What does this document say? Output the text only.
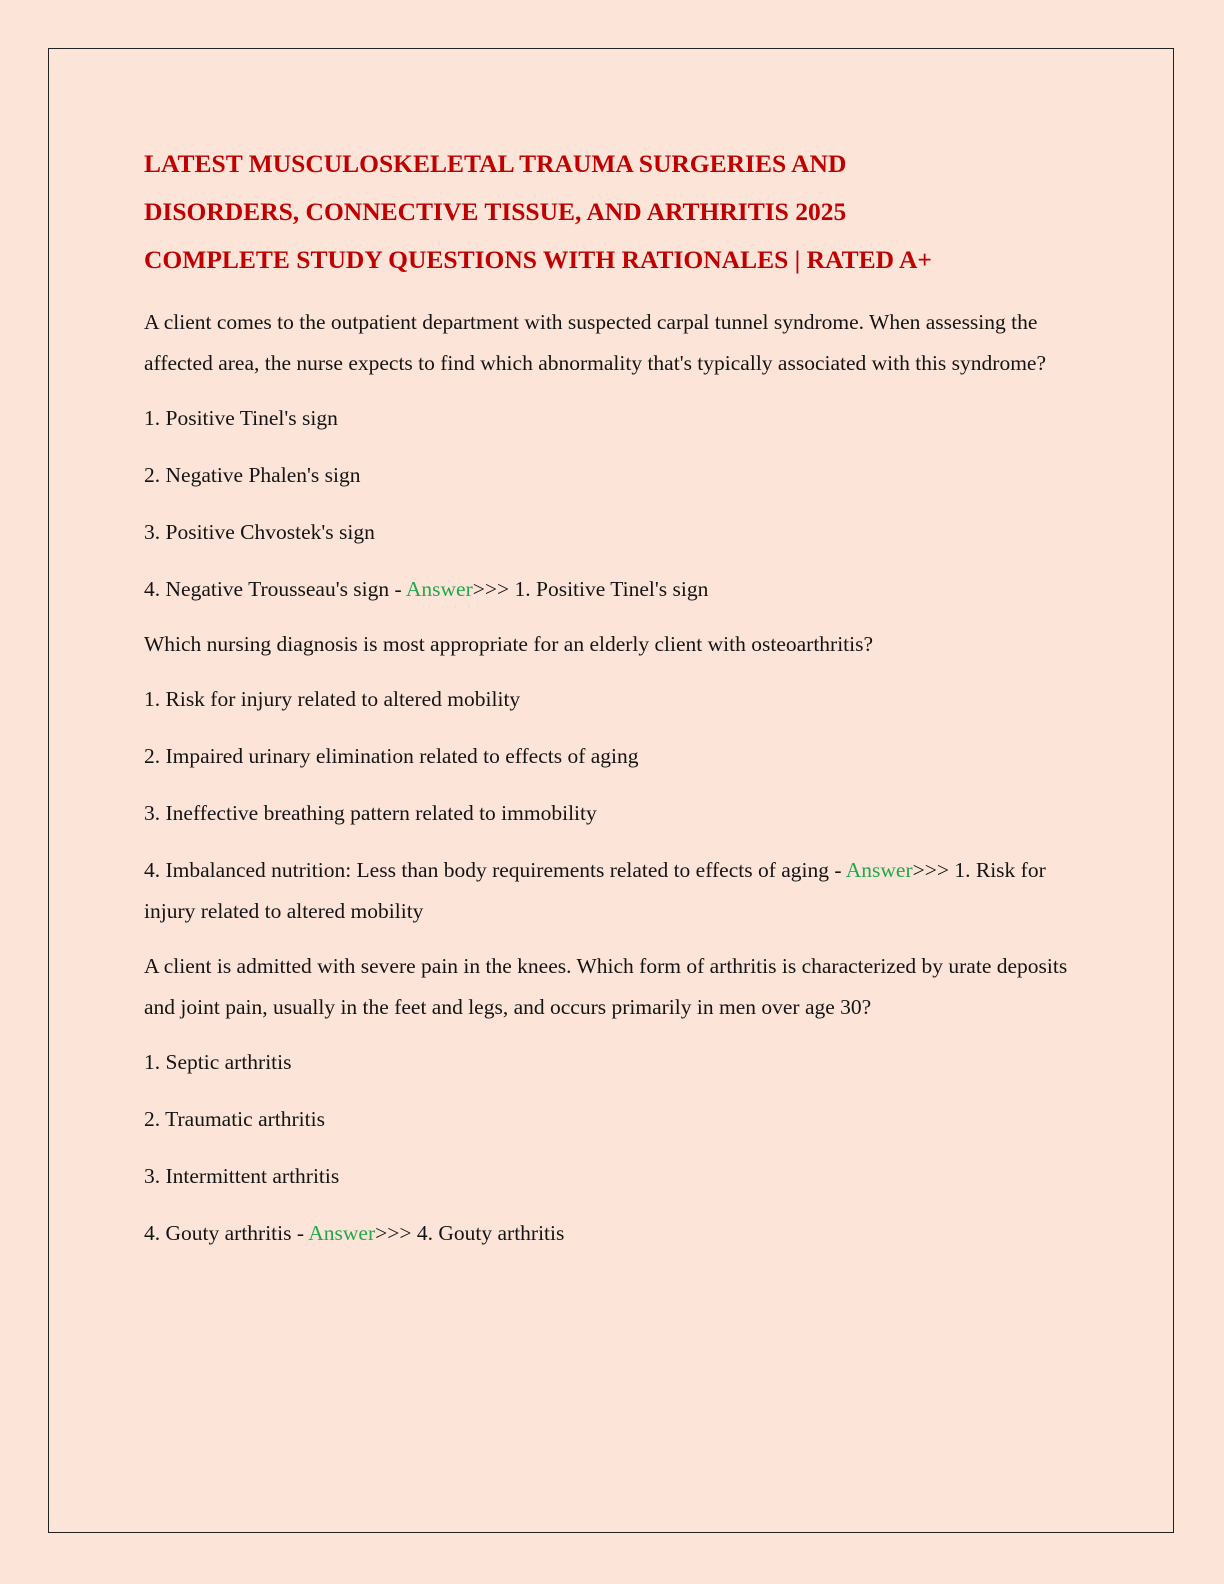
LATEST MUSCULOSKELETAL TRAUMA SURGERIES AND
DISORDERS, CONNECTIVE TISSUE, AND ARTHRITIS 2025
COMPLETE STUDY QUESTIONS WITH RATIONALES | RATED A+

A client comes to the outpatient department with suspected carpal tunnel syndrome. When assessing the affected area, the nurse expects to find which abnormality that's typically associated with this syndrome?

1. Positive Tinel's sign

2. Negative Phalen's sign

3. Positive Chvostek's sign

4. Negative Trousseau's sign - Answer>>> 1. Positive Tinel's sign

Which nursing diagnosis is most appropriate for an elderly client with osteoarthritis?

1. Risk for injury related to altered mobility

2. Impaired urinary elimination related to effects of aging

3. Ineffective breathing pattern related to immobility

4. Imbalanced nutrition: Less than body requirements related to effects of aging - Answer>>> 1. Risk for injury related to altered mobility

A client is admitted with severe pain in the knees. Which form of arthritis is characterized by urate deposits and joint pain, usually in the feet and legs, and occurs primarily in men over age 30?

1. Septic arthritis

2. Traumatic arthritis

3. Intermittent arthritis

4. Gouty arthritis - Answer>>> 4. Gouty arthritis
